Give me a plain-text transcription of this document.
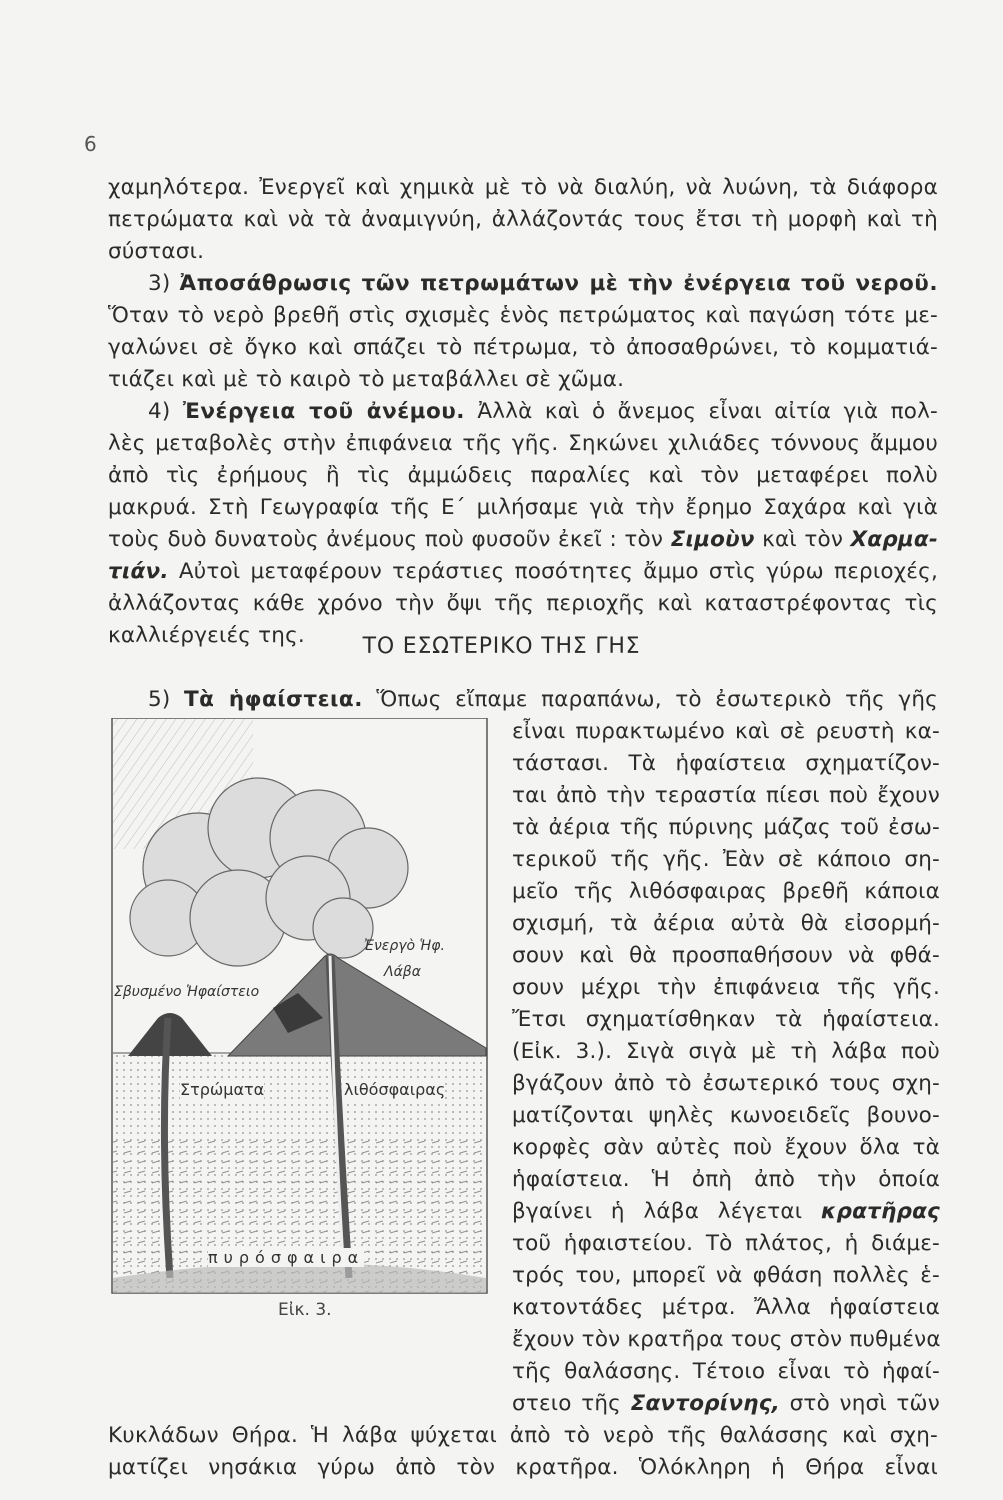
6
χαμηλότερα. Ἐνεργεῖ καὶ χημικὰ μὲ τὸ νὰ διαλύη, νὰ λυώνη, τὰ διάφορα
πετρώματα καὶ νὰ τὰ ἀναμιγνύη, ἀλλάζοντάς τους ἔτσι τὴ μορφὴ καὶ τὴ
σύστασι.
3) Ἀποσάθρωσις τῶν πετρωμάτων μὲ τὴν ἐνέργεια τοῦ νεροῦ.
Ὅταν τὸ νερὸ βρεθῆ στὶς σχισμὲς ἑνὸς πετρώματος καὶ παγώση τότε με-
γαλώνει σὲ ὄγκο καὶ σπάζει τὸ πέτρωμα, τὸ ἀποσαθρώνει, τὸ κομματιά-
τιάζει καὶ μὲ τὸ καιρὸ τὸ μεταβάλλει σὲ χῶμα.
4) Ἐνέργεια τοῦ ἀνέμου. Ἀλλὰ καὶ ὁ ἄνεμος εἶναι αἰτία γιὰ πολ-
λὲς μεταβολὲς στὴν ἐπιφάνεια τῆς γῆς. Σηκώνει χιλιάδες τόννους ἄμμου
ἀπὸ τὶς ἐρήμους ἢ τὶς ἀμμώδεις παραλίες καὶ τὸν μεταφέρει πολὺ
μακρυά. Στὴ Γεωγραφία τῆς Ε΄ μιλήσαμε γιὰ τὴν ἔρημο Σαχάρα καὶ γιὰ
τοὺς δυὸ δυνατοὺς ἀνέμους ποὺ φυσοῦν ἐκεῖ : τὸν Σιμοὺν καὶ τὸν Χαρμα-
τιάν. Αὐτοὶ μεταφέρουν τεράστιες ποσότητες ἄμμο στὶς γύρω περιοχές,
ἀλλάζοντας κάθε χρόνο τὴν ὄψι τῆς περιοχῆς καὶ καταστρέφοντας τὶς
καλλιέργειές της.	ΤΟ ΕΣΩΤΕΡΙΚΟ ΤΗΣ ΓΗΣ
5) Τὰ ἡφαίστεια. Ὅπως εἴπαμε παραπάνω, τὸ ἐσωτερικὸ τῆς γῆς
εἶναι πυρακτωμένο καὶ σὲ ρευστὴ κα-
τάστασι. Τὰ ἡφαίστεια σχηματίζον-
ται ἀπὸ τὴν τεραστία πίεσι ποὺ ἔχουν
τὰ ἀέρια τῆς πύρινης μάζας τοῦ ἐσω-
τερικοῦ τῆς γῆς. Ἐὰν σὲ κάποιο ση-
μεῖο τῆς λιθόσφαιρας βρεθῆ κάποια
σχισμή, τὰ ἀέρια αὐτὰ θὰ εἰσορμή-
σουν καὶ θὰ προσπαθήσουν νὰ φθά-
σουν μέχρι τὴν ἐπιφάνεια τῆς γῆς.
Ἔτσι σχηματίσθηκαν τὰ ἡφαίστεια.
(Εἰκ. 3.). Σιγὰ σιγὰ μὲ τὴ λάβα ποὺ
βγάζουν ἀπὸ τὸ ἐσωτερικό τους σχη-
ματίζονται ψηλὲς κωνοειδεῖς βουνο-
κορφὲς σὰν αὐτὲς ποὺ ἔχουν ὅλα τὰ
ἡφαίστεια. Ἡ ὀπὴ ἀπὸ τὴν ὁποία
βγαίνει ἡ λάβα λέγεται κρατῆρας
τοῦ ἡφαιστείου. Τὸ πλάτος, ἡ διάμε-
τρός του, μπορεῖ νὰ φθάση πολλὲς ἑ-
κατοντάδες μέτρα. Ἄλλα ἡφαίστεια
ἔχουν τὸν κρατῆρα τους στὸν πυθμένα
τῆς θαλάσσης. Τέτοιο εἶναι τὸ ἡφαί-
στειο τῆς Σαντορίνης, στὸ νησὶ τῶν
Κυκλάδων Θήρα. Ἡ λάβα ψύχεται ἀπὸ τὸ νερὸ τῆς θαλάσσης καὶ σχη-
ματίζει νησάκια γύρω ἀπὸ τὸν κρατῆρα. Ὁλόκληρη ἡ Θήρα εἶναι
Ἐνεργὸ Ἡφ.
Λάβα
Σβυσμένο Ἡφαίστειο
Στρώματα	λιθόσφαιρας
πυρόσφαιρα
Εἰκ. 3.
